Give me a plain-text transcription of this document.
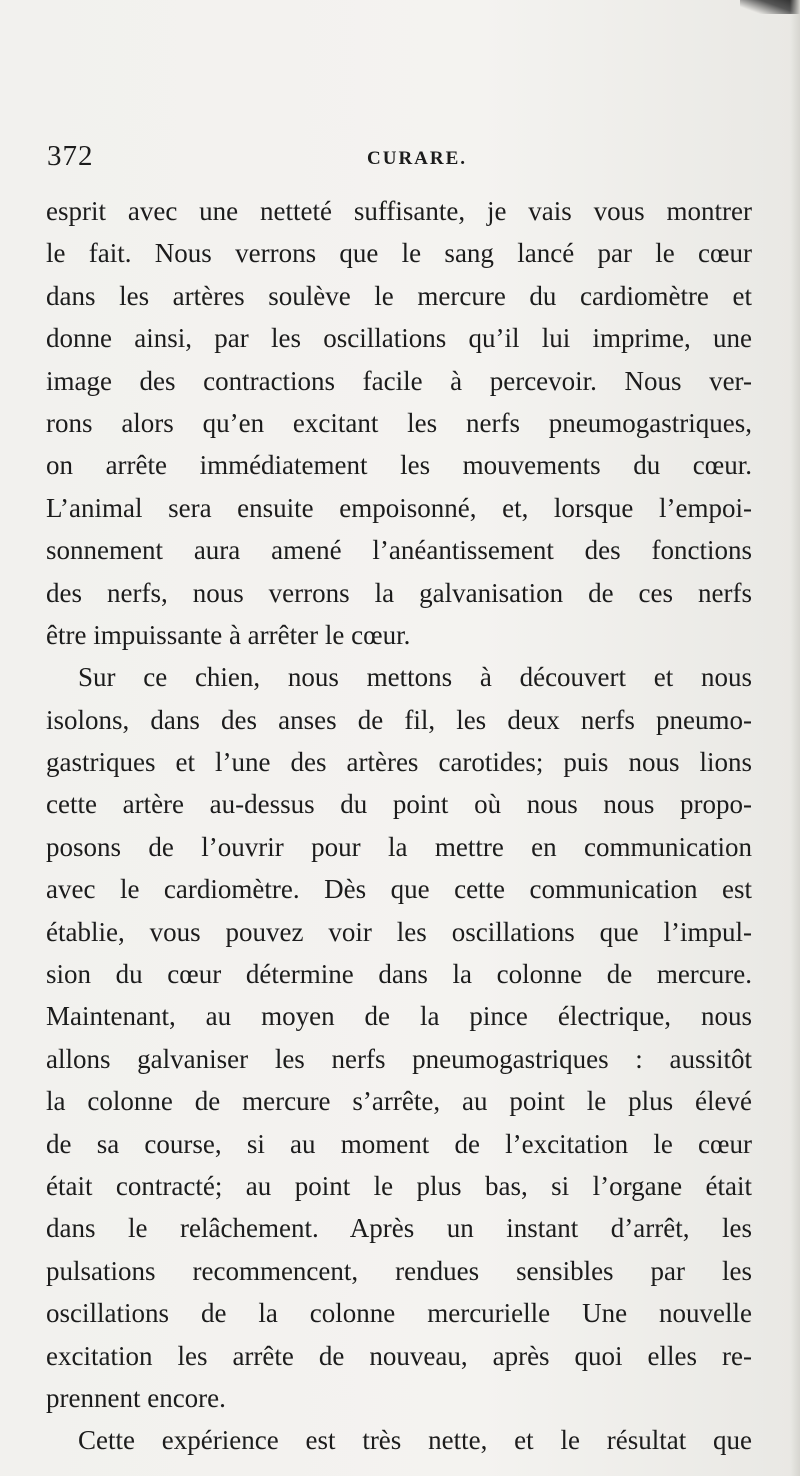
372	CURARE.
esprit avec une netteté suffisante, je vais vous montrer
le fait. Nous verrons que le sang lancé par le cœur
dans les artères soulève le mercure du cardiomètre et
donne ainsi, par les oscillations qu’il lui imprime, une
image des contractions facile à percevoir. Nous ver-
rons alors qu’en excitant les nerfs pneumogastriques,
on arrête immédiatement les mouvements du cœur.
L’animal sera ensuite empoisonné, et, lorsque l’empoi-
sonnement aura amené l’anéantissement des fonctions
des nerfs, nous verrons la galvanisation de ces nerfs
être impuissante à arrêter le cœur.
Sur ce chien, nous mettons à découvert et nous
isolons, dans des anses de fil, les deux nerfs pneumo-
gastriques et l’une des artères carotides; puis nous lions
cette artère au-dessus du point où nous nous propo-
posons de l’ouvrir pour la mettre en communication
avec le cardiomètre. Dès que cette communication est
établie, vous pouvez voir les oscillations que l’impul-
sion du cœur détermine dans la colonne de mercure.
Maintenant, au moyen de la pince électrique, nous
allons galvaniser les nerfs pneumogastriques : aussitôt
la colonne de mercure s’arrête, au point le plus élevé
de sa course, si au moment de l’excitation le cœur
était contracté; au point le plus bas, si l’organe était
dans le relâchement. Après un instant d’arrêt, les
pulsations recommencent, rendues sensibles par les
oscillations de la colonne mercurielle Une nouvelle
excitation les arrête de nouveau, après quoi elles re-
prennent encore.
Cette expérience est très nette, et le résultat que
